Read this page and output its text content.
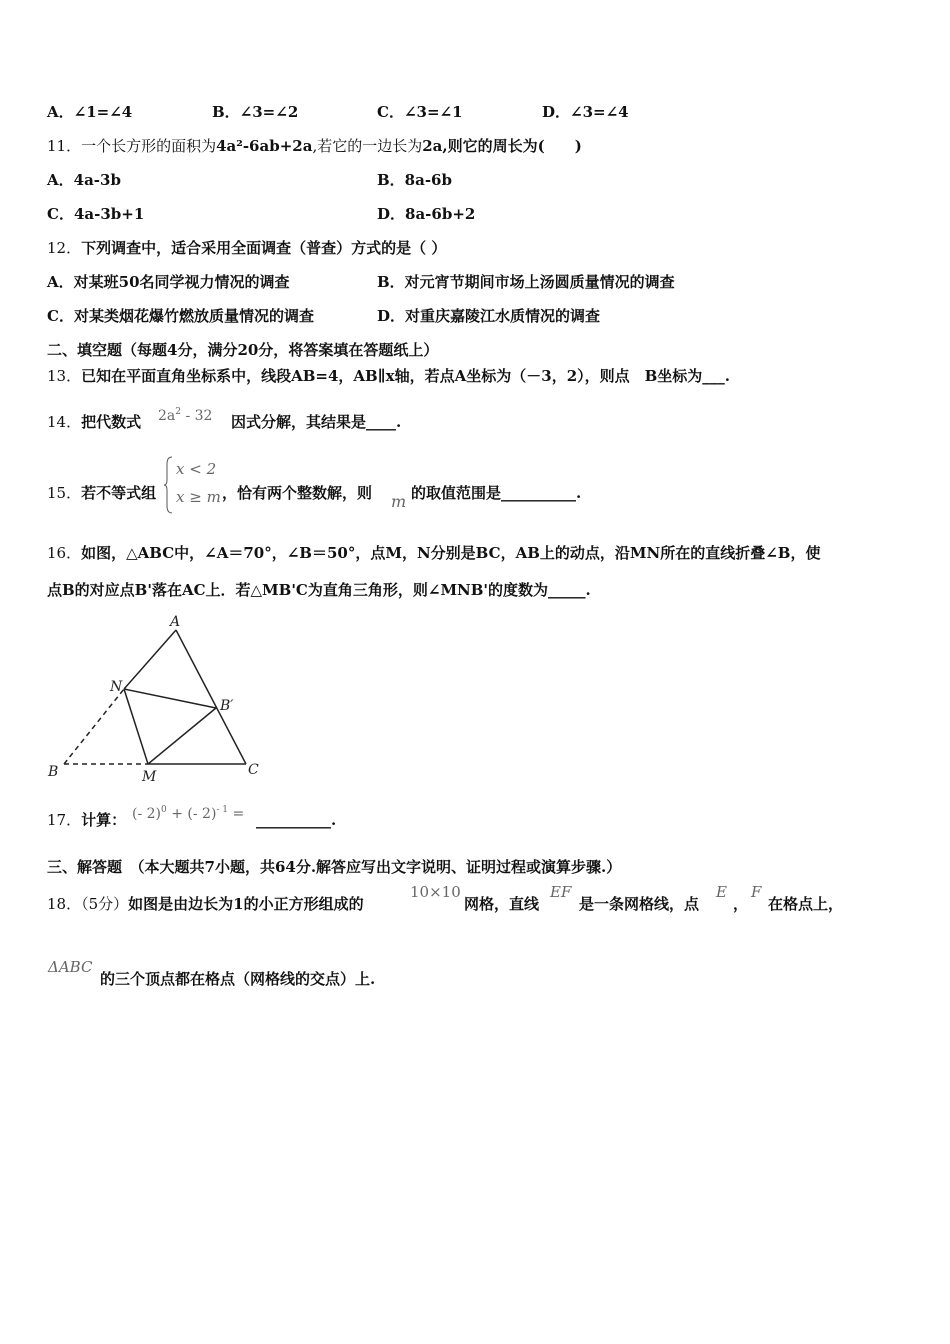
A．∠1=∠4	B．∠3=∠2	C．∠3=∠1	D．∠3=∠4
11．一个长方形的面积为4a²-6ab+2a,若它的一边长为2a,则它的周长为(　　)
A．4a-3b	B．8a-6b
C．4a-3b+1	D．8a-6b+2
12．下列调查中，适合采用全面调查（普查）方式的是（ ）
A．对某班50名同学视力情况的调查	B．对元宵节期间市场上汤圆质量情况的调查
C．对某类烟花爆竹燃放质量情况的调查	D．对重庆嘉陵江水质情况的调查
二、填空题（每题4分，满分20分，将答案填在答题纸上）
13．已知在平面直角坐标系中，线段AB=4，AB∥x轴，若点A坐标为（－3，2），则点　B坐标为___.
14．把代数式 $2a^2 - 32$ 因式分解，其结果是____.
15．若不等式组
x < 2
x ≥ m ，恰有两个整数解，则 m 的取值范围是__________.
16．如图，△ABC中，∠A＝70°，∠B＝50°，点M，N分别是BC，AB上的动点，沿MN所在的直线折叠∠B，使
点B的对应点B'落在AC上．若△MB'C为直角三角形，则∠MNB'的度数为_____.
A
N
B′
B	M	C
17．计算： (- 2)$^0$ + (- 2)$^{- 1}$ = __________.
三、解答题　（本大题共7小题，共64分.解答应写出文字说明、证明过程或演算步骤.）
18．（5分）如图是由边长为1的小正方形组成的
10×10
网格，直线
EF
是一条网格线，点
E
，
F
在格点上，
ΔABC
的三个顶点都在格点（网格线的交点）上.
